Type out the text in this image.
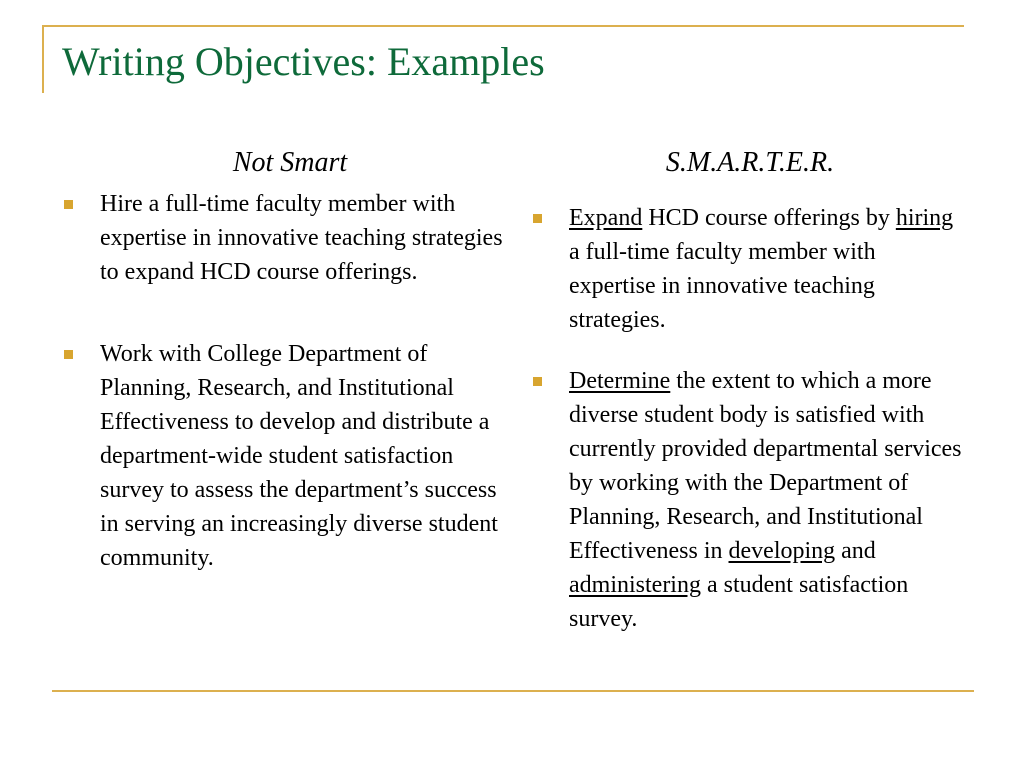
Writing Objectives: Examples
Not Smart	S.M.A.R.T.E.R.
Hire a full-time faculty member with expertise in innovative teaching strategies to expand HCD course offerings.
Work with College Department of Planning, Research, and Institutional Effectiveness to develop and distribute a department-wide student satisfaction survey to assess the department’s success in serving an increasingly diverse student community.
Expand HCD course offerings by hiring a full-time faculty member with expertise in innovative teaching strategies.
Determine the extent to which a more diverse student body is satisfied with currently provided departmental services by working with the Department of Planning, Research, and Institutional Effectiveness in developing and administering a student satisfaction survey.
